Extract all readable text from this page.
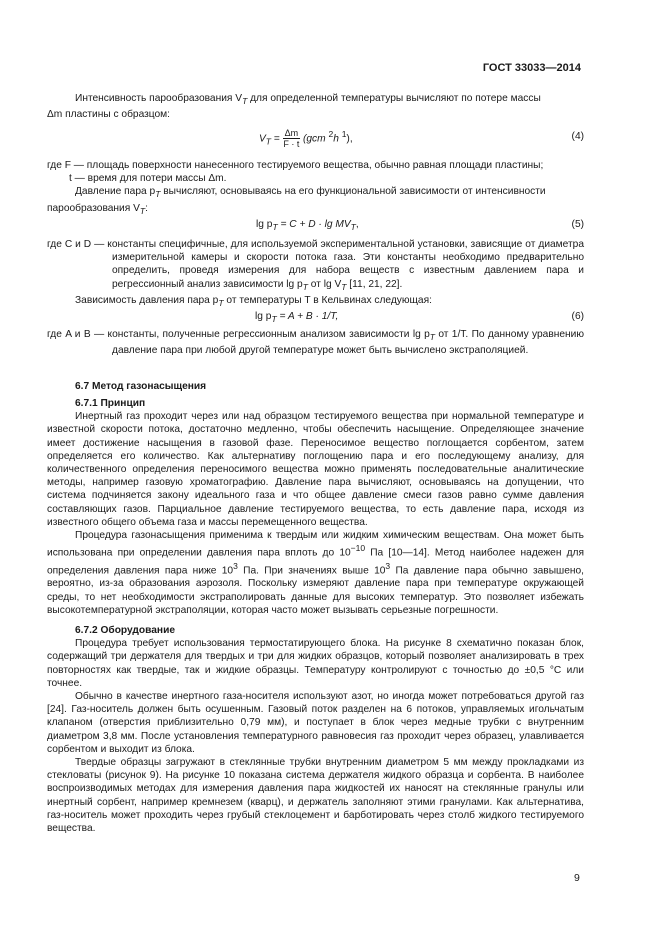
ГОСТ 33033—2014
Интенсивность парообразования $V_T$ для определенной температуры вычисляют по потере массы
Δm пластины с образцом:
$V_T = \frac{\Delta m}{F \cdot t} (gcm$ $^2$h $^1$),	(4)
где F — площадь поверхности нанесенного тестируемого вещества, обычно равная площади пластины;
t — время для потери массы Δm.
Давление пара $p_T$ вычисляют, основываясь на его функциональной зависимости от интенсивности
парообразования $V_T$:
$\lg p_T = C + D \cdot \lg MV_T$,	(5)
где C и D — константы специфичные, для используемой экспериментальной установки, зависящие от диаметра измерительной камеры и скорости потока газа. Эти константы необходимо предварительно определить, проведя измерения для набора веществ с известным давлением пара и регрессионный анализ зависимости $\lg p_T$ от $\lg V_T$ [11, 21, 22].
Зависимость давления пара $p_T$ от температуры T в Кельвинах следующая:
$\lg p_T = A + B \cdot 1/T$,	(6)
где A и B — константы, полученные регрессионным анализом зависимости $\lg p_T$ от 1/T. По данному уравнению давление пара при любой другой температуре может быть вычислено экстраполяцией.
6.7 Метод газонасыщения
6.7.1 Принцип
Инертный газ проходит через или над образцом тестируемого вещества при нормальной температуре и известной скорости потока, достаточно медленно, чтобы обеспечить насыщение. Определяющее значение имеет достижение насыщения в газовой фазе. Переносимое вещество поглощается сорбентом, затем определяется его количество. Как альтернативу поглощению пара и его последующему анализу, для количественного определения переносимого вещества можно применять последовательные аналитические методы, например газовую хроматографию. Давление пара вычисляют, основываясь на допущении, что система подчиняется закону идеального газа и что общее давление смеси газов равно сумме давления составляющих газов. Парциальное давление тестируемого вещества, то есть давление пара, исходя из известного общего объема газа и массы перемещенного вещества.
Процедура газонасыщения применима к твердым или жидким химическим веществам. Она может быть использована при определении давления пара вплоть до $10^{-10}$ Па [10—14]. Метод наиболее надежен для определения давления пара ниже $10^3$ Па. При значениях выше $10^3$ Па давление пара обычно завышено, вероятно, из-за образования аэрозоля. Поскольку измеряют давление пара при температуре окружающей среды, то нет необходимости экстраполировать данные для высоких температур. Это позволяет избежать высокотемпературной экстраполяции, которая часто может вызывать серьезные погрешности.
6.7.2 Оборудование
Процедура требует использования термостатирующего блока. На рисунке 8 схематично показан блок, содержащий три держателя для твердых и три для жидких образцов, который позволяет анализировать в трех повторностях как твердые, так и жидкие образцы. Температуру контролируют с точностью до ±0,5 °C или точнее.
Обычно в качестве инертного газа-носителя используют азот, но иногда может потребоваться другой газ [24]. Газ-носитель должен быть осушенным. Газовый поток разделен на 6 потоков, управляемых игольчатым клапаном (отверстия приблизительно 0,79 мм), и поступает в блок через медные трубки с внутренним диаметром 3,8 мм. После установления температурного равновесия газ проходит через образец, улавливается сорбентом и выходит из блока.
Твердые образцы загружают в стеклянные трубки внутренним диаметром 5 мм между прокладками из стекловаты (рисунок 9). На рисунке 10 показана система держателя жидкого образца и сорбента. В наиболее воспроизводимых методах для измерения давления пара жидкостей их наносят на стеклянные гранулы или инертный сорбент, например кремнезем (кварц), и держатель заполняют этими гранулами. Как альтернатива, газ-носитель может проходить через грубый стеклоцемент и барботировать через столб жидкого тестируемого вещества.
9
